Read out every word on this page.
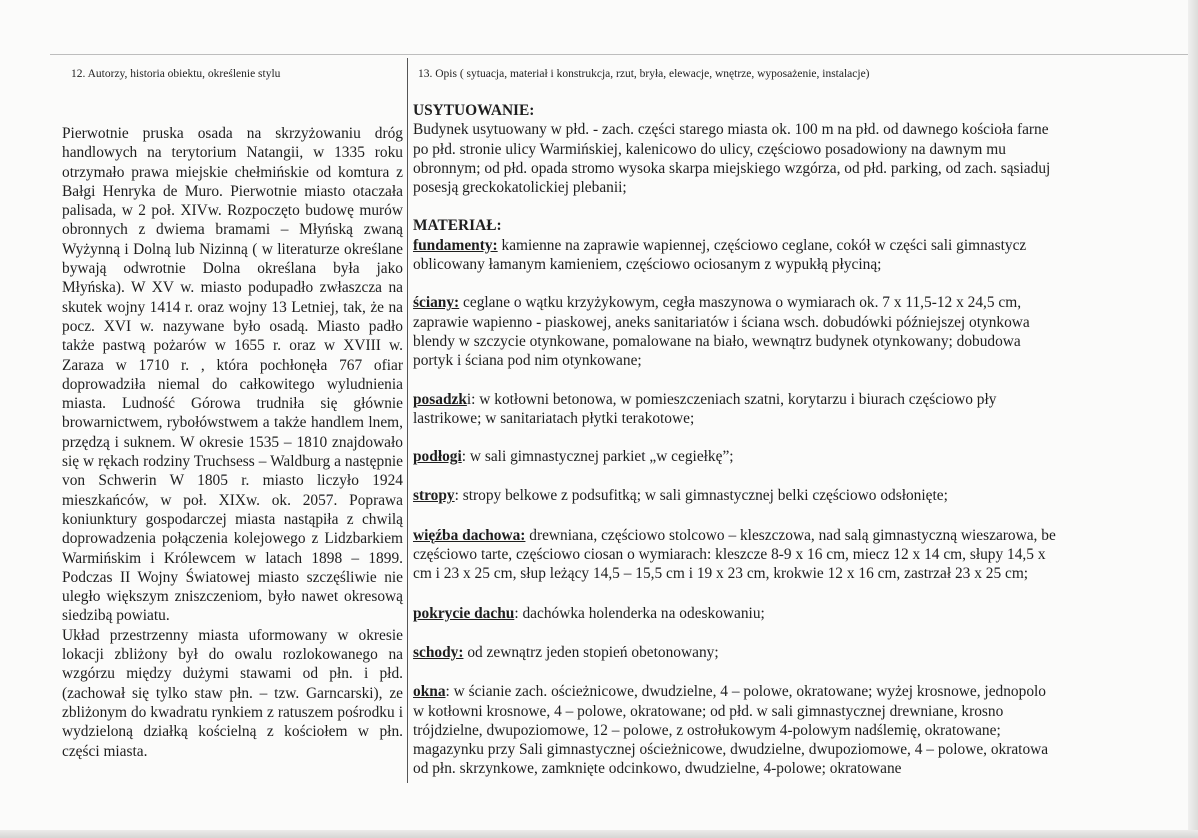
12. Autorzy, historia obiektu, określenie stylu	13. Opis ( sytuacja, materiał i konstrukcja, rzut, bryła, elewacje, wnętrze, wyposażenie, instalacje)

Pierwotnie pruska osada na skrzyżowaniu dróg handlowych na terytorium Natangii, w 1335 roku otrzymało prawa miejskie chełmińskie od komtura z Bałgi Henryka de Muro. Pierwotnie miasto otaczała palisada, w 2 poł. XIVw. Rozpoczęto budowę murów obronnych z dwiema bramami – Młyńską zwaną Wyżynną i Dolną lub Nizinną ( w literaturze określane bywają odwrotnie Dolna określana była jako Młyńska). W XV w. miasto podupadło zwłaszcza na skutek wojny 1414 r. oraz wojny 13 Letniej, tak, że na pocz. XVI w. nazywane było osadą. Miasto padło także pastwą pożarów w 1655 r. oraz w XVIII w. Zaraza w 1710 r. , która pochłonęła 767 ofiar doprowadziła niemal do całkowitego wyludnienia miasta. Ludność Górowa trudniła się głównie browarnictwem, rybołówstwem a także handlem lnem, przędzą i suknem. W okresie 1535 – 1810 znajdowało się w rękach rodziny Truchsess – Waldburg a następnie von Schwerin W 1805 r. miasto liczyło 1924 mieszkańców, w poł. XIXw. ok. 2057. Poprawa koniunktury gospodarczej miasta nastąpiła z chwilą doprowadzenia połączenia kolejowego z Lidzbarkiem Warmińskim i Królewcem w latach 1898 – 1899. Podczas II Wojny Światowej miasto szczęśliwie nie uległo większym zniszczeniom, było nawet okresową siedzibą powiatu.

Układ przestrzenny miasta uformowany w okresie lokacji zbliżony był do owalu rozlokowanego na wzgórzu między dużymi stawami od płn. i płd. (zachował się tylko staw płn. – tzw. Garncarski), ze zbliżonym do kwadratu rynkiem z ratuszem pośrodku i wydzieloną działką kościelną z kościołem w płn. części miasta.

USYTUOWANIE:

Budynek usytuowany w płd. - zach. części starego miasta ok. 100 m na płd. od dawnego kościoła farne

po płd. stronie ulicy Warmińskiej, kalenicowo do ulicy, częściowo posadowiony na dawnym mu

obronnym; od płd. opada stromo wysoka skarpa miejskiego wzgórza, od płd. parking, od zach. sąsiaduj

posesją greckokatolickiej plebanii;

MATERIAŁ:

fundamenty: kamienne na zaprawie wapiennej, częściowo ceglane, cokół w części sali gimnastycz

oblicowany łamanym kamieniem, częściowo ociosanym z wypukłą płyciną;

ściany: ceglane o wątku krzyżykowym, cegła maszynowa o wymiarach ok. 7 x 11,5-12 x 24,5 cm,

zaprawie wapienno - piaskowej, aneks sanitariatów i ściana wsch. dobudówki późniejszej otynkowa

blendy w szczycie otynkowane, pomalowane na biało, wewnątrz budynek otynkowany; dobudowa

portyk i ściana pod nim otynkowane;

posadzki: w kotłowni betonowa, w pomieszczeniach szatni, korytarzu i biurach częściowo pły

lastrikowe; w sanitariatach płytki terakotowe;

podłogi: w sali gimnastycznej parkiet „w cegiełkę”;

stropy: stropy belkowe z podsufitką; w sali gimnastycznej belki częściowo odsłonięte;

więźba dachowa: drewniana, częściowo stolcowo – kleszczowa, nad salą gimnastyczną wieszarowa, be

częściowo tarte, częściowo ciosan o wymiarach: kleszcze 8-9 x 16 cm, miecz 12 x 14 cm, słupy 14,5 x

cm i 23 x 25 cm, słup leżący 14,5 – 15,5 cm i 19 x 23 cm, krokwie 12 x 16 cm, zastrzał 23 x 25 cm;

pokrycie dachu: dachówka holenderka na odeskowaniu;

schody: od zewnątrz jeden stopień obetonowany;

okna: w ścianie zach. ościeżnicowe, dwudzielne, 4 – polowe, okratowane; wyżej krosnowe, jednopolo

w kotłowni krosnowe, 4 – polowe, okratowane; od płd. w sali gimnastycznej drewniane, krosno

trójdzielne, dwupoziomowe, 12 – polowe, z ostrołukowym 4-polowym nadślemię, okratowane;

magazynku przy Sali gimnastycznej ościeżnicowe, dwudzielne, dwupoziomowe, 4 – polowe, okratowa

od płn. skrzynkowe, zamknięte odcinkowo, dwudzielne, 4-polowe; okratowane
